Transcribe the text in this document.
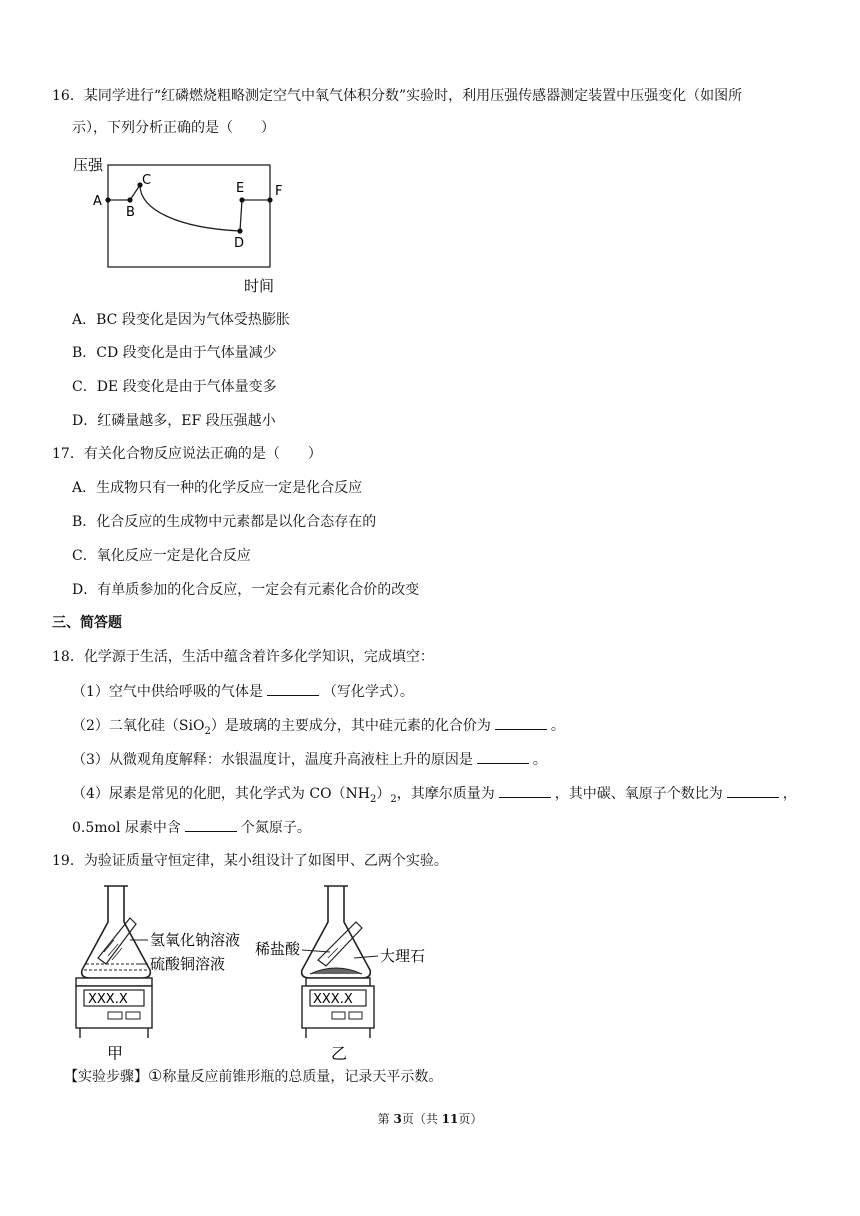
16．某同学进行“红磷燃烧粗略测定空气中氧气体积分数”实验时，利用压强传感器测定装置中压强变化（如图所
示），下列分析正确的是（　　）
压强
A
B
C
D
E F
时间
A．BC 段变化是因为气体受热膨胀
B．CD 段变化是由于气体量减少
C．DE 段变化是由于气体量变多
D．红磷量越多，EF 段压强越小
17．有关化合物反应说法正确的是（　　）
A．生成物只有一种的化学反应一定是化合反应
B．化合反应的生成物中元素都是以化合态存在的
C．氧化反应一定是化合反应
D．有单质参加的化合反应，一定会有元素化合价的改变
三、简答题
18．化学源于生活，生活中蕴含着许多化学知识，完成填空：
（1）空气中供给呼吸的气体是	（写化学式）。
（2）二氧化硅（SiO$_2$）是玻璃的主要成分，其中硅元素的化合价为	。
（3）从微观角度解释：水银温度计，温度升高液柱上升的原因是	。
（4）尿素是常见的化肥，其化学式为 $CO(NH_2)_2$，其摩尔质量为	，其中碳、氧原子个数比为	，
0.5mol 尿素中含	个氮原子。
19．为验证质量守恒定律，某小组设计了如图甲、乙两个实验。
氢氧化钠溶液
硫酸铜溶液
XXX.X
甲
稀盐酸	大理石
XXX.X
乙
【实验步骤】①称量反应前锥形瓶的总质量，记录天平示数。
第 3页（共 11页）
